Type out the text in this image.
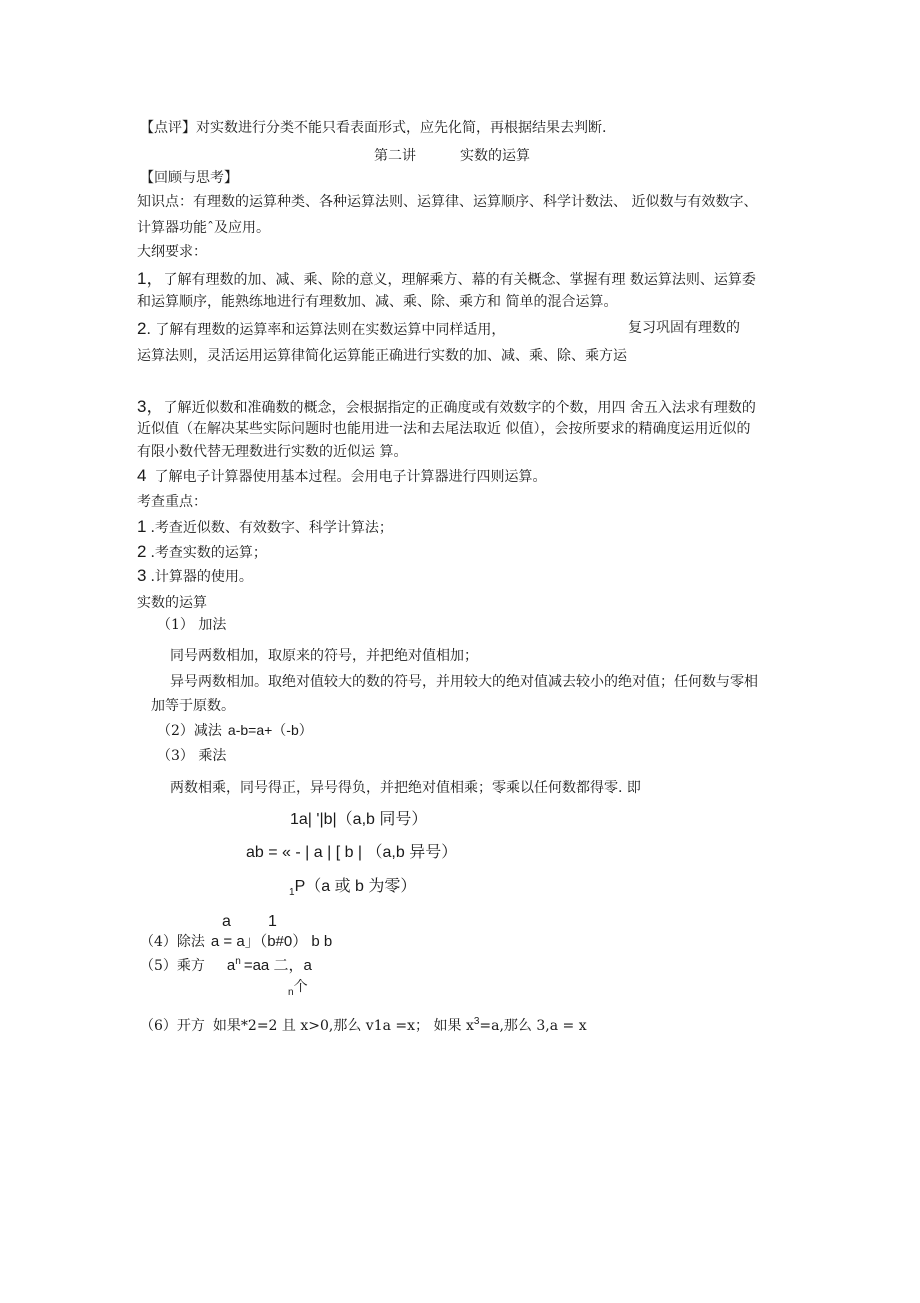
【点评】对实数进行分类不能只看表面形式，应先化简，再根据结果去判断.
第二讲	实数的运算
【回顾与思考】
知识点：有理数的运算种类、各种运算法则、运算律、运算顺序、科学计数法、 近似数与有效数字、
计算器功能ˆ及应用。
大纲要求：
1，了解有理数的加、减、乘、除的意义，理解乘方、幕的有关概念、掌握有理 数运算法则、运算委
和运算顺序，能熟练地进行有理数加、减、乘、除、乘方和 简单的混合运算。
2. 了解有理数的运算率和运算法则在实数运算中同样适用，	复习巩固有理数的
运算法则，灵活运用运算律简化运算能正确进行实数的加、减、乘、除、乘方运
3，了解近似数和准确数的概念，会根据指定的正确度或有效数字的个数，用四 舍五入法求有理数的
近似值（在解决某些实际问题时也能用进一法和去尾法取近 似值），会按所要求的精确度运用近似的
有限小数代替无理数进行实数的近似运 算。
4 了解电子计算器使用基本过程。会用电子计算器进行四则运算。
考查重点：
1 .考查近似数、有效数字、科学计算法；
2 .考查实数的运算；
3 .计算器的使用。
实数的运算
（1） 加法
同号两数相加，取原来的符号，并把绝对值相加；
异号两数相加。取绝对值较大的数的符号，并用较大的绝对值减去较小的绝对值；任何数与零相
加等于原数。
（2）减法 a-b=a+（-b）
（3） 乘法
两数相乘，同号得正，异号得负，并把绝对值相乘；零乘以任何数都得零. 即
1a| '|b|（a,b 同号）
ab = « - | a | [ b | （a,b 异号）
$_1$P（a 或 b 为零）
a 1
（4）除法 a = a」（b#0） b b
（5）乘方 $a^n =aa$ 二，a
$_n$个
（6）开方 如果*2=2 且 x>0,那么 v1a =x； 如果 $x^3=a$,那么 3,a = x
